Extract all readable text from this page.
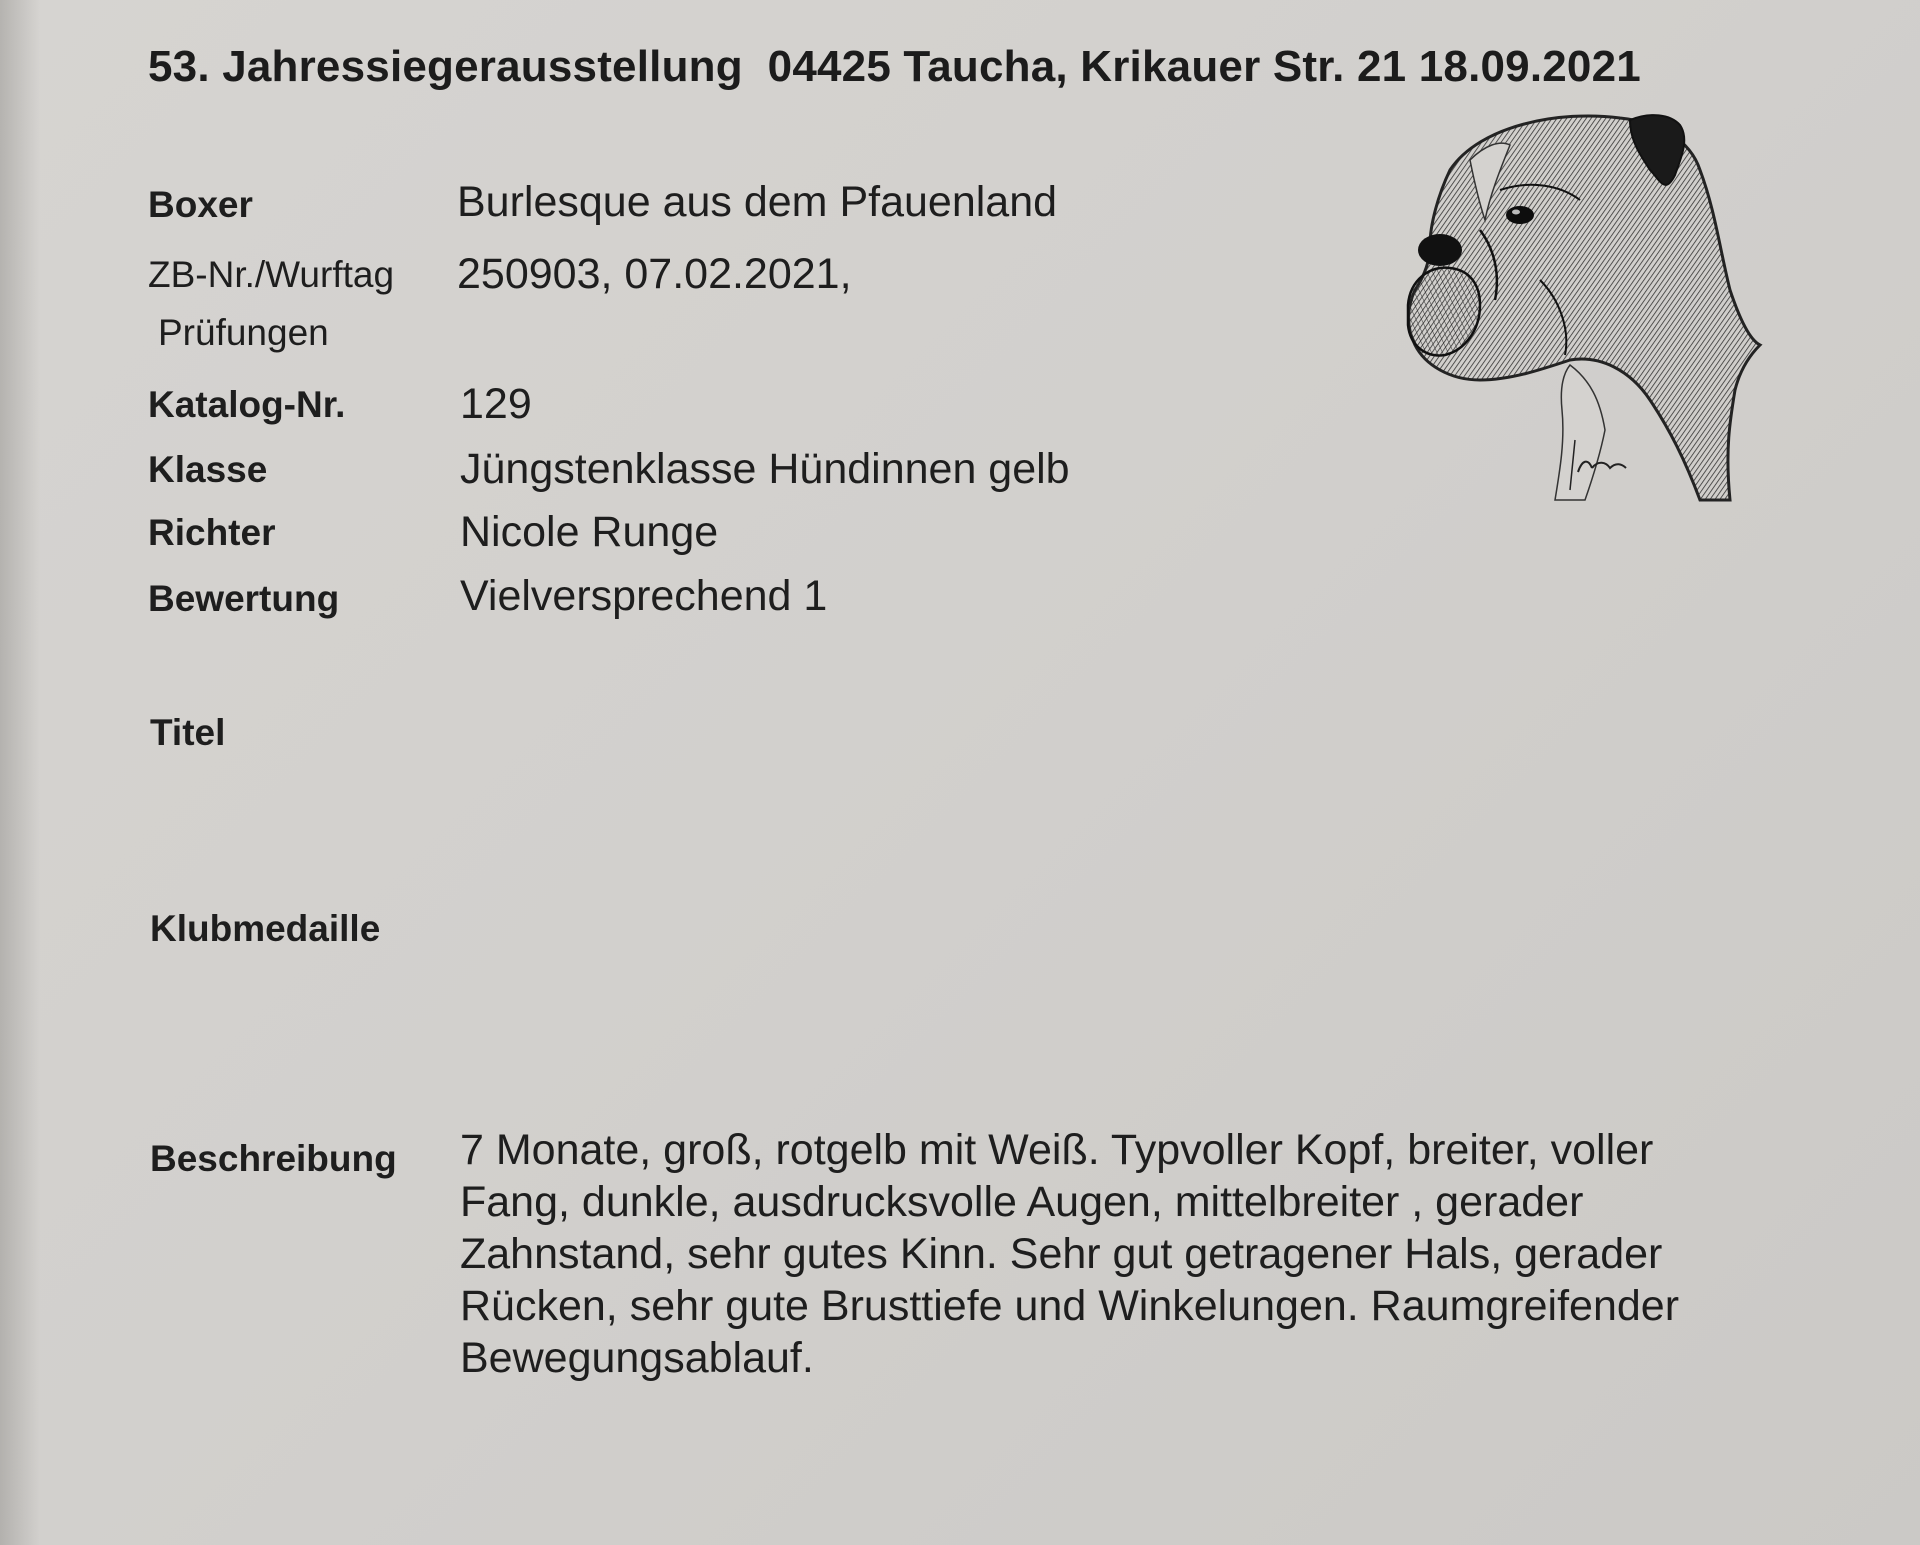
53. Jahressiegerausstellung  04425 Taucha, Krikauer Str. 21 18.09.2021
Boxer	Burlesque aus dem Pfauenland
ZB-Nr./Wurftag 250903, 07.02.2021,
Prüfungen
Katalog-Nr.	129
Klasse	Jüngstenklasse Hündinnen gelb
Richter	Nicole Runge
Bewertung	Vielversprechend 1
Titel
Klubmedaille
Beschreibung 7 Monate, groß, rotgelb mit Weiß. Typvoller Kopf, breiter, voller
Fang, dunkle, ausdrucksvolle Augen, mittelbreiter , gerader
Zahnstand, sehr gutes Kinn. Sehr gut getragener Hals, gerader
Rücken, sehr gute Brusttiefe und Winkelungen. Raumgreifender
Bewegungsablauf.
